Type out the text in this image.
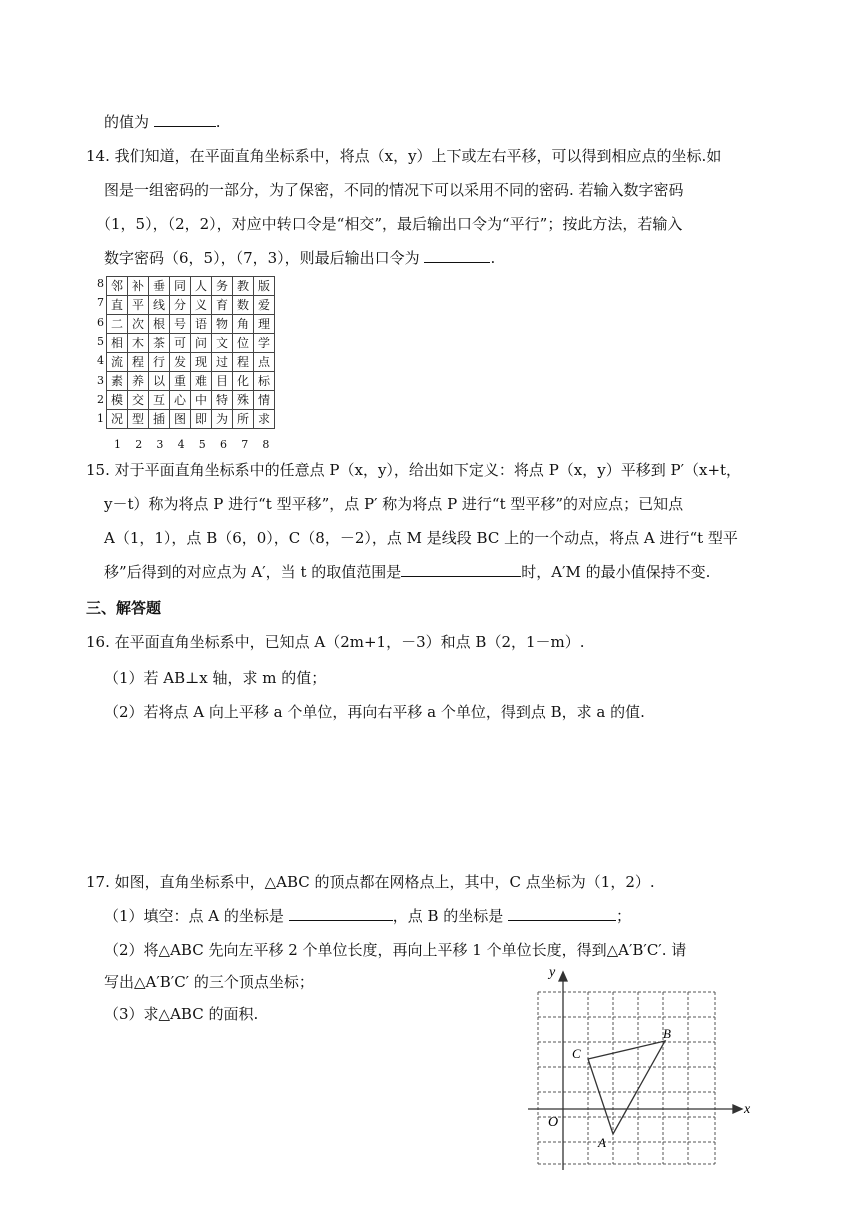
的值为	.
14. 我们知道，在平面直角坐标系中，将点（x，y）上下或左右平移，可以得到相应点的坐标.如
图是一组密码的一部分，为了保密，不同的情况下可以采用不同的密码. 若输入数字密码
（1，5），（2，2），对应中转口令是“相交”，最后输出口令为“平行”；按此方法，若输入
数字密码（6，5），（7，3），则最后输出口令为	.
8
7
6
5
4
3
2
1
邻	补	垂	同	人	务	教	版
直	平	线	分	义	育	数	爱
二	次	根	号	语	物	角	理
相	木	茶	可	问	文	位	学
流	程	行	发	现	过	程	点
素	养	以	重	难	目	化	标
模	交	互	心	中	特	殊	情
况	型	插	图	即	为	所	求
1	2	3	4	5	6	7	8
15. 对于平面直角坐标系中的任意点 P（x，y），给出如下定义：将点 P（x，y）平移到 P′（x+t，
y－t）称为将点 P 进行“t 型平移”，点 P′ 称为将点 P 进行“t 型平移”的对应点；已知点
A（1，1），点 B（6，0），C（8，－2），点 M 是线段 BC 上的一个动点，将点 A 进行“t 型平
移”后得到的对应点为 A′，当 t 的取值范围是	时，A′M 的最小值保持不变.
三、解答题
16. 在平面直角坐标系中，已知点 A（2m+1，－3）和点 B（2，1－m）.
（1）若 AB⊥x 轴，求 m 的值；
（2）若将点 A 向上平移 a 个单位，再向右平移 a 个单位，得到点 B，求 a 的值.
17. 如图，直角坐标系中，△ABC 的顶点都在网格点上，其中，C 点坐标为（1，2）.
（1）填空：点 A 的坐标是	，点 B 的坐标是	；
（2）将△ABC 先向左平移 2 个单位长度，再向上平移 1 个单位长度，得到△A′B′C′. 请
写出△A′B′C′ 的三个顶点坐标；
（3）求△ABC 的面积.
x
y
O
A
B
C
